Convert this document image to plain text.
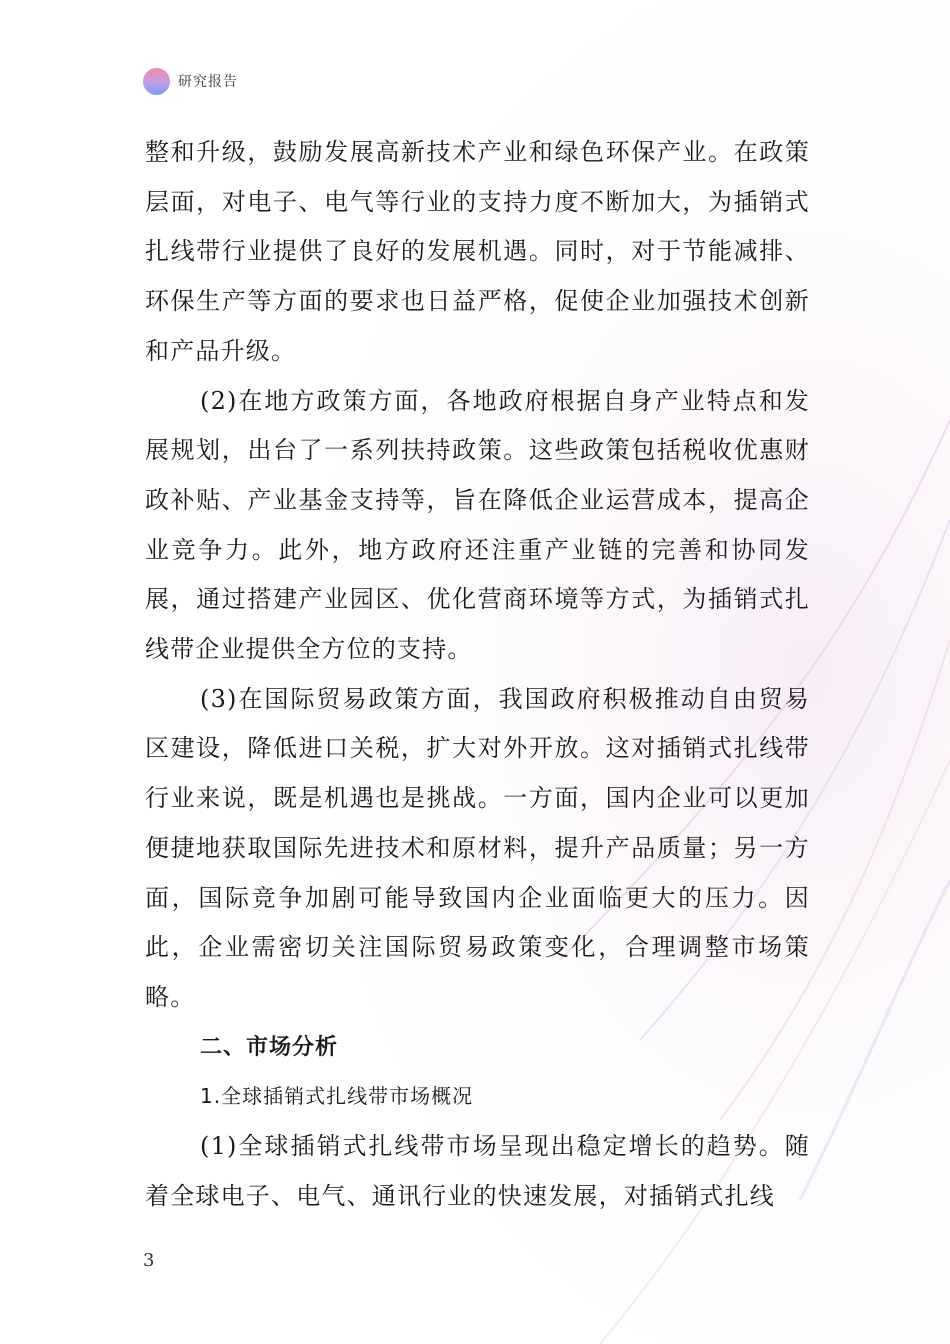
研究报告

整和升级，鼓励发展高新技术产业和绿色环保产业。在政策层面，对电子、电气等行业的支持力度不断加大，为插销式扎线带行业提供了良好的发展机遇。同时，对于节能减排、环保生产等方面的要求也日益严格，促使企业加强技术创新和产品升级。

(2)在地方政策方面，各地政府根据自身产业特点和发展规划，出台了一系列扶持政策。这些政策包括税收优惠财政补贴、产业基金支持等，旨在降低企业运营成本，提高企业竞争力。此外，地方政府还注重产业链的完善和协同发展，通过搭建产业园区、优化营商环境等方式，为插销式扎线带企业提供全方位的支持。

(3)在国际贸易政策方面，我国政府积极推动自由贸易区建设，降低进口关税，扩大对外开放。这对插销式扎线带行业来说，既是机遇也是挑战。一方面，国内企业可以更加便捷地获取国际先进技术和原材料，提升产品质量；另一方面，国际竞争加剧可能导致国内企业面临更大的压力。因此，企业需密切关注国际贸易政策变化，合理调整市场策略。

二、市场分析

1.全球插销式扎线带市场概况

(1)全球插销式扎线带市场呈现出稳定增长的趋势。随着全球电子、电气、通讯行业的快速发展，对插销式扎线

3
